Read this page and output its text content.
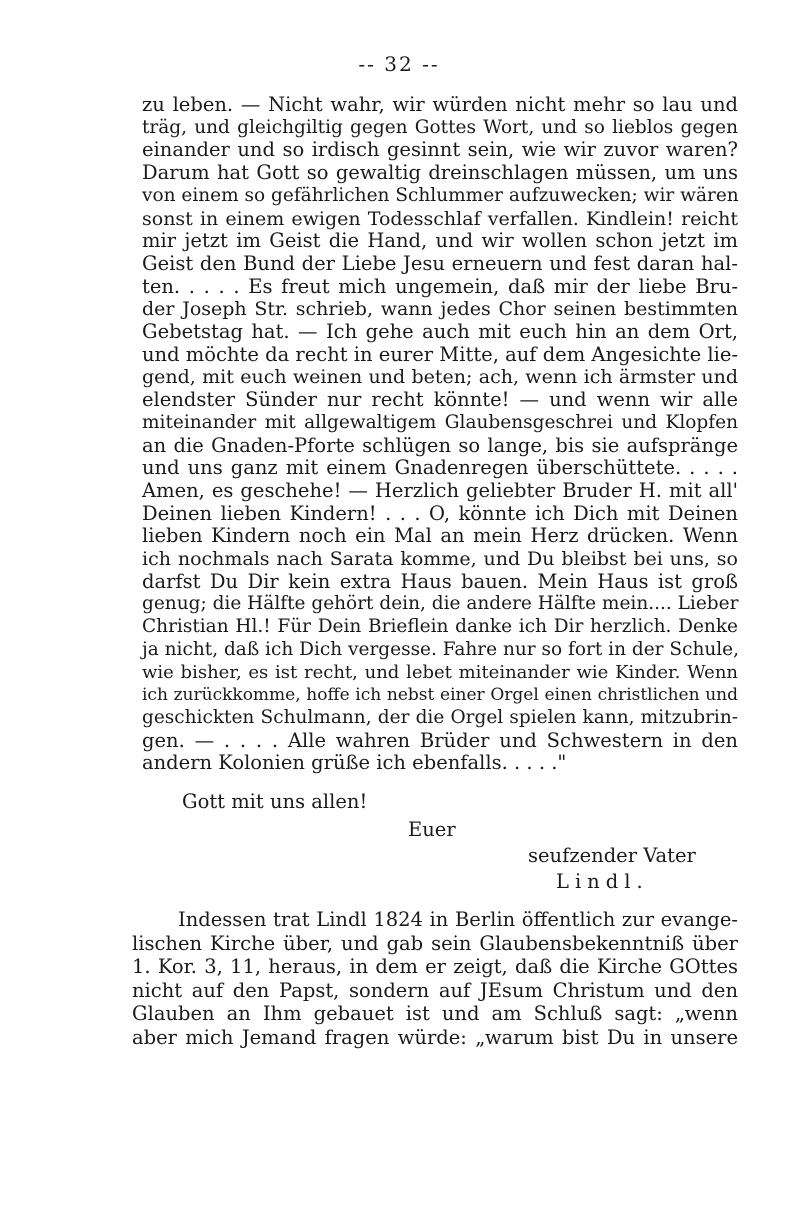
-- 32 --
zu leben. — Nicht wahr, wir würden nicht mehr so lau und
träg, und gleichgiltig gegen Gottes Wort, und so lieblos gegen
einander und so irdisch gesinnt sein, wie wir zuvor waren?
Darum hat Gott so gewaltig dreinschlagen müssen, um uns
von einem so gefährlichen Schlummer aufzuwecken; wir wären
sonst in einem ewigen Todesschlaf verfallen. Kindlein! reicht
mir jetzt im Geist die Hand, und wir wollen schon jetzt im
Geist den Bund der Liebe Jesu erneuern und fest daran hal-
ten. . . . . Es freut mich ungemein, daß mir der liebe Bru-
der Joseph Str. schrieb, wann jedes Chor seinen bestimmten
Gebetstag hat. — Ich gehe auch mit euch hin an dem Ort,
und möchte da recht in eurer Mitte, auf dem Angesichte lie-
gend, mit euch weinen und beten; ach, wenn ich ärmster und
elendster Sünder nur recht könnte! — und wenn wir alle
miteinander mit allgewaltigem Glaubensgeschrei und Klopfen
an die Gnaden-Pforte schlügen so lange, bis sie aufspränge
und uns ganz mit einem Gnadenregen überschüttete. . . . .
Amen, es geschehe! — Herzlich geliebter Bruder H. mit all'
Deinen lieben Kindern! . . . O, könnte ich Dich mit Deinen
lieben Kindern noch ein Mal an mein Herz drücken. Wenn
ich nochmals nach Sarata komme, und Du bleibst bei uns, so
darfst Du Dir kein extra Haus bauen. Mein Haus ist groß
genug; die Hälfte gehört dein, die andere Hälfte mein.... Lieber
Christian Hl.! Für Dein Brieflein danke ich Dir herzlich. Denke
ja nicht, daß ich Dich vergesse. Fahre nur so fort in der Schule,
wie bisher, es ist recht, und lebet miteinander wie Kinder. Wenn
ich zurückkomme, hoffe ich nebst einer Orgel einen christlichen und
geschickten Schulmann, der die Orgel spielen kann, mitzubrin-
gen. — . . . . Alle wahren Brüder und Schwestern in den
andern Kolonien grüße ich ebenfalls. . . . ."
Gott mit uns allen!
Euer
seufzender Vater
Lindl.
Indessen trat Lindl 1824 in Berlin öffentlich zur evange-
lischen Kirche über, und gab sein Glaubensbekenntniß über
1. Kor. 3, 11, heraus, in dem er zeigt, daß die Kirche GOttes
nicht auf den Papst, sondern auf JEsum Christum und den
Glauben an Ihm gebauet ist und am Schluß sagt: „wenn
aber mich Jemand fragen würde: „warum bist Du in unsere
